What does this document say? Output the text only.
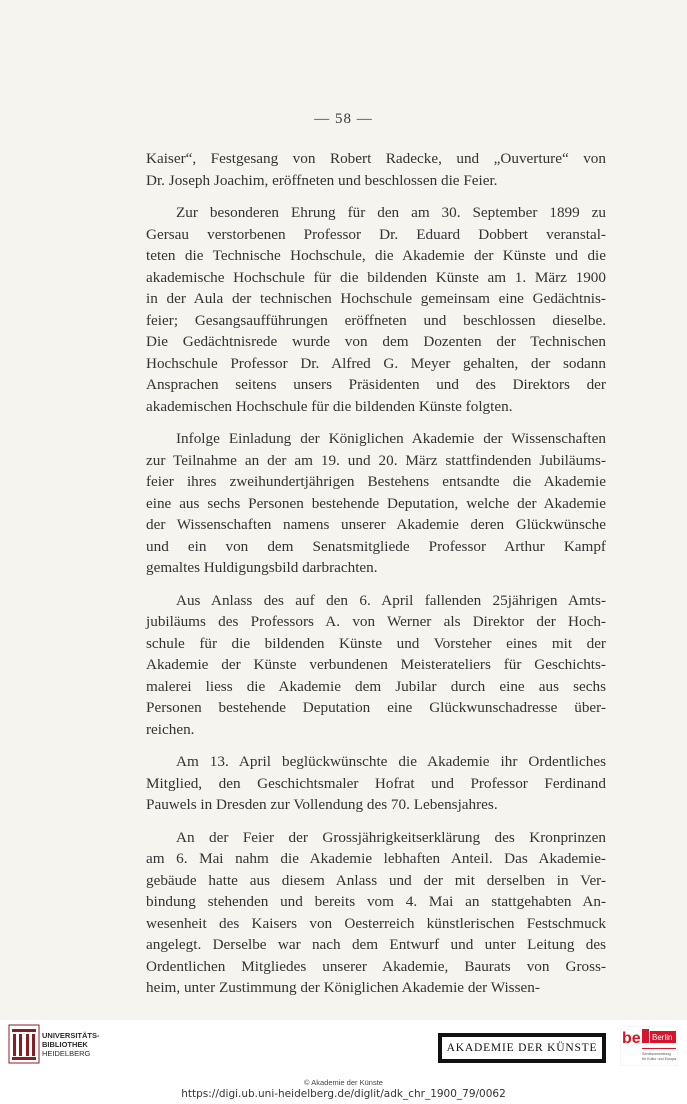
— 58 —
Kaiser“, Festgesang von Robert Radecke, und „Ouverture“ von
Dr. Joseph Joachim, eröffneten und beschlossen die Feier.
Zur besonderen Ehrung für den am 30. September 1899 zu
Gersau verstorbenen Professor Dr. Eduard Dobbert veranstal-
teten die Technische Hochschule, die Akademie der Künste und die
akademische Hochschule für die bildenden Künste am 1. März 1900
in der Aula der technischen Hochschule gemeinsam eine Gedächtnis-
feier; Gesangsaufführungen eröffneten und beschlossen dieselbe.
Die Gedächtnisrede wurde von dem Dozenten der Technischen
Hochschule Professor Dr. Alfred G. Meyer gehalten, der sodann
Ansprachen seitens unsers Präsidenten und des Direktors der
akademischen Hochschule für die bildenden Künste folgten.
Infolge Einladung der Königlichen Akademie der Wissenschaften
zur Teilnahme an der am 19. und 20. März stattfindenden Jubiläums-
feier ihres zweihundertjährigen Bestehens entsandte die Akademie
eine aus sechs Personen bestehende Deputation, welche der Akademie
der Wissenschaften namens unserer Akademie deren Glückwünsche
und ein von dem Senatsmitgliede Professor Arthur Kampf
gemaltes Huldigungsbild darbrachten.
Aus Anlass des auf den 6. April fallenden 25jährigen Amts-
jubiläums des Professors A. von Werner als Direktor der Hoch-
schule für die bildenden Künste und Vorsteher eines mit der
Akademie der Künste verbundenen Meisterateliers für Geschichts-
malerei liess die Akademie dem Jubilar durch eine aus sechs
Personen bestehende Deputation eine Glückwunschadresse über-
reichen.
Am 13. April beglückwünschte die Akademie ihr Ordentliches
Mitglied, den Geschichtsmaler Hofrat und Professor Ferdinand
Pauwels in Dresden zur Vollendung des 70. Lebensjahres.
An der Feier der Grossjährigkeitserklärung des Kronprinzen
am 6. Mai nahm die Akademie lebhaften Anteil. Das Akademie-
gebäude hatte aus diesem Anlass und der mit derselben in Ver-
bindung stehenden und bereits vom 4. Mai an stattgehabten An-
wesenheit des Kaisers von Oesterreich künstlerischen Festschmuck
angelegt. Derselbe war nach dem Entwurf und unter Leitung des
Ordentlichen Mitgliedes unserer Akademie, Baurats von Gross-
heim, unter Zustimmung der Königlichen Akademie der Wissen-
UNIVERSITÄTS-
BIBLIOTHEK
HEIDELBERG	AKADEMIE DER KÜNSTE
be Berlin
Senatsverwaltung
für Kultur und Europa
© Akademie der Künste
https://digi.ub.uni-heidelberg.de/diglit/adk_chr_1900_79/0062
